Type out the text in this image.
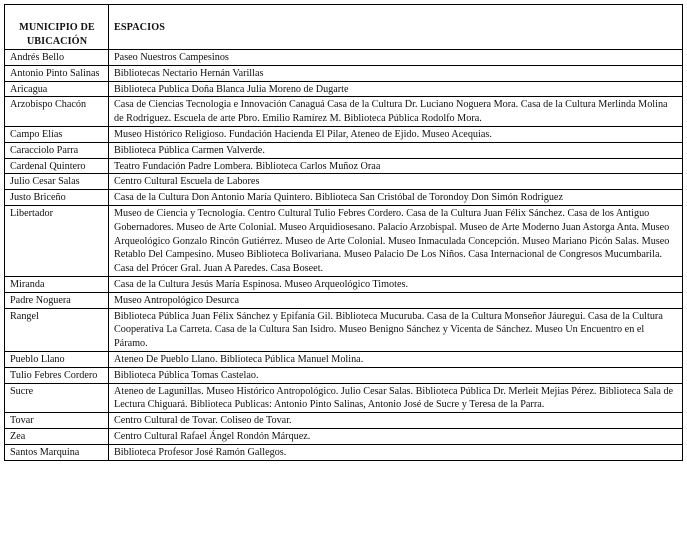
MUNICIPIO DE UBICACIÓN	ESPACIOS
Andrés Bello	Paseo Nuestros Campesinos
Antonio Pinto Salinas	Bibliotecas Nectario Hernán Varillas
Aricagua	Biblioteca Publica Doña Blanca Julia Moreno de Dugarte
Arzobispo Chacón	Casa de Ciencias Tecnologia e Innovación Canaguá Casa de la Cultura Dr. Luciano Noguera Mora. Casa de la Cultura Merlinda Molina de Rodriguez. Escuela de arte Pbro. Emilio Ramírez M. Biblioteca Pública Rodolfo Mora.
Campo Elías	Museo Histórico Religioso. Fundación Hacienda El Pilar, Ateneo de Ejido. Museo Acequias.
Caracciolo Parra	Biblioteca Pública Carmen Valverde.
Cardenal Quintero	Teatro Fundación Padre Lombera. Biblioteca Carlos Muñoz Oraa
Julio Cesar Salas	Centro Cultural Escuela de Labores
Justo Briceño	Casa de la Cultura Don Antonio María Quintero. Biblioteca San Cristóbal de Torondoy Don Simón Rodriguez
Libertador	Museo de Ciencia y Tecnología. Centro Cultural Tulio Febres Cordero. Casa de la Cultura Juan Félix Sánchez. Casa de los Antiguo Gobernadores. Museo de Arte Colonial. Museo Arquidiosesano. Palacio Arzobispal. Museo de Arte Moderno Juan Astorga Anta. Museo Arqueológico Gonzalo Rincón Gutiérrez. Museo de Arte Colonial. Museo Inmaculada Concepción. Museo Mariano Picón Salas. Museo Retablo Del Campesino. Museo Biblioteca Bolivariana. Museo Palacio De Los Niños. Casa Internacional de Congresos Mucumbarila. Casa del Prócer Gral. Juan A Paredes. Casa Boseet.
Miranda	Casa de la Cultura Jesús María Espinosa. Museo Arqueológico Timotes.
Padre Noguera	Museo Antropológico Desurca
Rangel	Biblioteca Pública Juan Félix Sánchez y Epifanía Gil. Biblioteca Mucuruba. Casa de la Cultura Monseñor Jáuregui. Casa de la Cultura Cooperativa La Carreta. Casa de la Cultura San Isidro. Museo Benigno Sánchez y Vicenta de Sánchez. Museo Un Encuentro en el Páramo.
Pueblo Llano	Ateneo De Pueblo Llano. Biblioteca Pública Manuel Molina.
Tulio Febres Cordero	Biblioteca Pública Tomas Castelao.
Sucre	Ateneo de Lagunillas. Museo Histórico Antropológico. Julio Cesar Salas. Biblioteca Pública Dr. Merleit Mejias Pérez. Biblioteca Sala de Lectura Chiguará. Biblioteca Publicas: Antonio Pinto Salinas, Antonio José de Sucre y Teresa de la Parra.
Tovar	Centro Cultural de Tovar. Coliseo de Tovar.
Zea	Centro Cultural Rafael Ángel Rondón Márquez.
Santos Marquina	Biblioteca Profesor José Ramón Gallegos.
